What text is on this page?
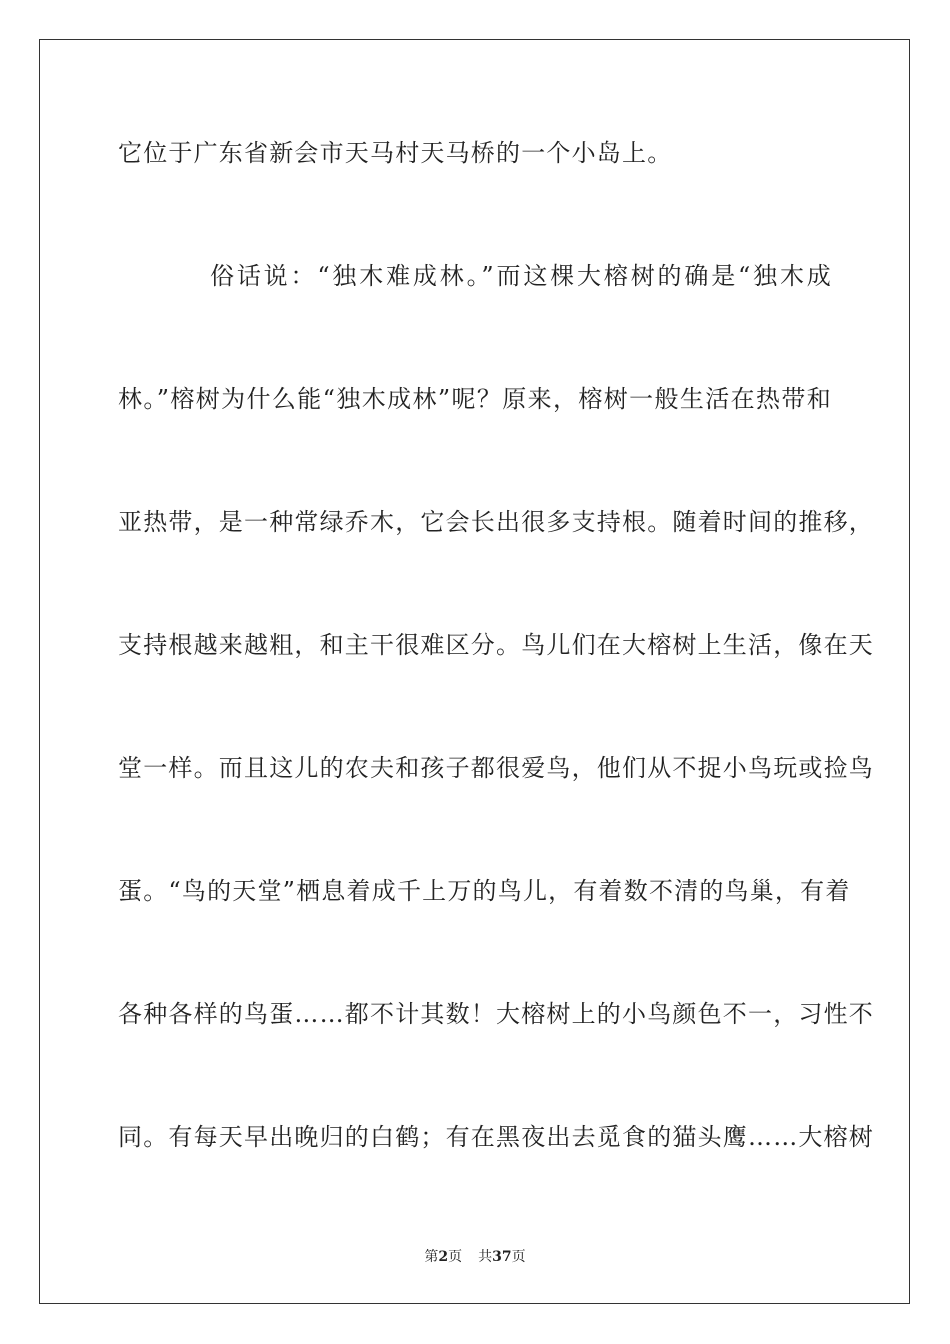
它位于广东省新会市天马村天马桥的一个小岛上。
俗话说：“独木难成林。”而这棵大榕树的确是“独木成
林。”榕树为什么能“独木成林”呢？原来，榕树一般生活在热带和
亚热带，是一种常绿乔木，它会长出很多支持根。随着时间的推移，
支持根越来越粗，和主干很难区分。鸟儿们在大榕树上生活，像在天
堂一样。而且这儿的农夫和孩子都很爱鸟，他们从不捉小鸟玩或捡鸟
蛋。“鸟的天堂”栖息着成千上万的鸟儿，有着数不清的鸟巢，有着
各种各样的鸟蛋……都不计其数！大榕树上的小鸟颜色不一，习性不
同。有每天早出晚归的白鹤；有在黑夜出去觅食的猫头鹰……大榕树
第2页 共37页
